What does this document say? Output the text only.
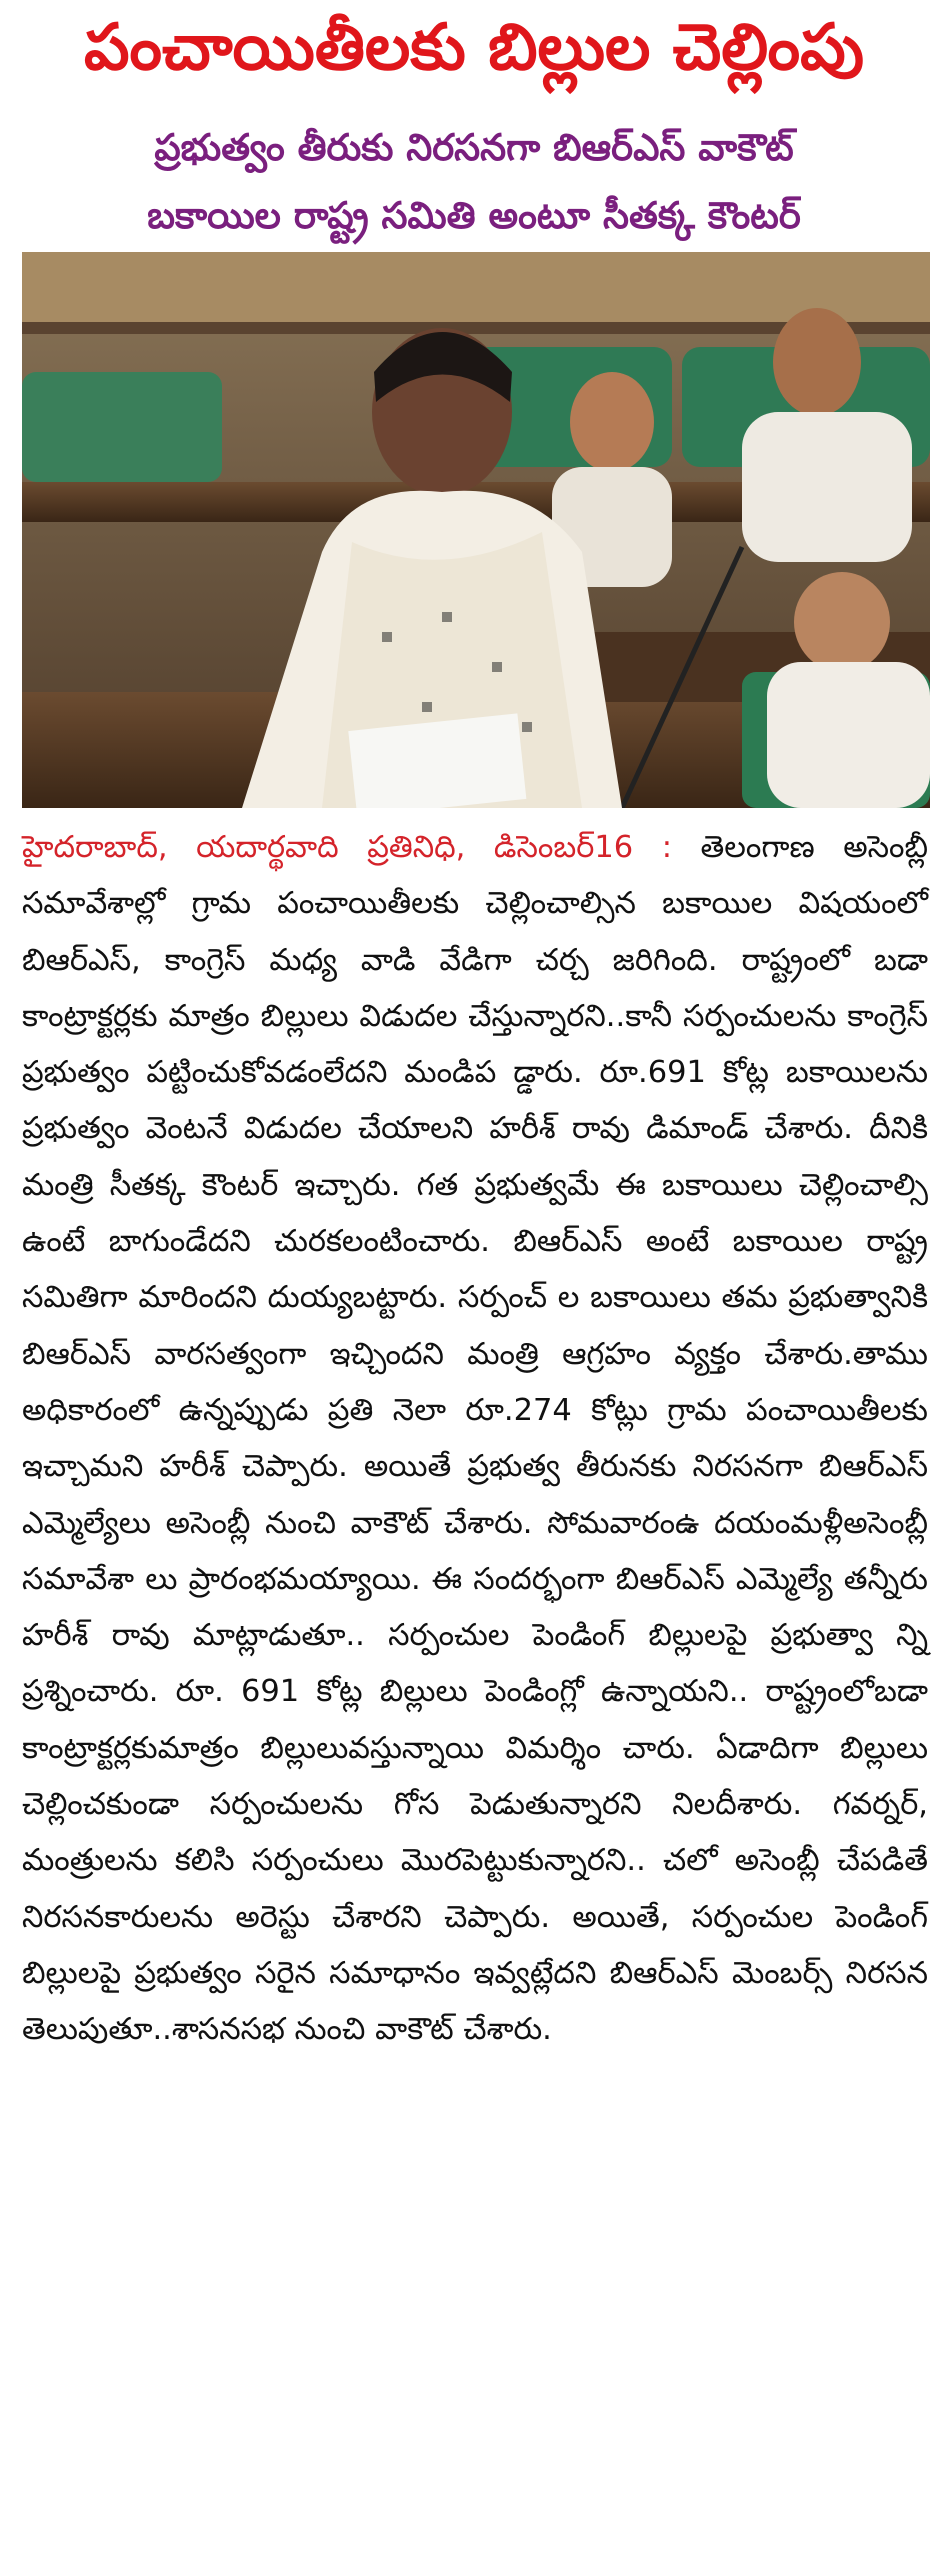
పంచాయితీలకు బిల్లుల చెల్లింపు
ప్రభుత్వం తీరుకు నిరసనగా బిఆర్ఎస్ వాకౌట్
బకాయిల రాష్ట్ర సమితి అంటూ సీతక్క కౌంటర్
హైదరాబాద్, యదార్థవాది ప్రతినిధి, డిసెంబర్16 : తెలంగాణ అసెంబ్లీ సమావేశాల్లో గ్రామ పంచాయితీలకు చెల్లించాల్సిన బకాయిల విషయంలో బిఆర్ఎస్, కాంగ్రెస్ మధ్య వాడి వేడిగా చర్చ జరిగింది. రాష్ట్రంలో బడా కాంట్రాక్టర్లకు మాత్రం బిల్లులు విడుదల చేస్తున్నారని..కానీ సర్పంచులను కాంగ్రెస్ ప్రభుత్వం పట్టించుకోవడంలేదని మండిప డ్డారు. రూ.691 కోట్ల బకాయిలను ప్రభుత్వం వెంటనే విడుదల చేయాలని హరీశ్ రావు డిమాండ్ చేశారు. దీనికి మంత్రి సీతక్క కౌంటర్ ఇచ్చారు. గత ప్రభుత్వమే ఈ బకాయిలు చెల్లించాల్సి ఉంటే బాగుండేదని చురకలంటించారు. బిఆర్ఎస్ అంటే బకాయిల రాష్ట్ర సమితిగా మారిందని దుయ్యబట్టారు. సర్పంచ్ ల బకాయిలు తమ ప్రభుత్వానికి బిఆర్ఎస్ వారసత్వంగా ఇచ్చిందని మంత్రి ఆగ్రహం వ్యక్తం చేశారు.తాము అధికారంలో ఉన్నప్పుడు ప్రతి నెలా రూ.274 కోట్లు గ్రామ పంచాయితీలకు ఇచ్చామని హరీశ్ చెప్పారు. అయితే ప్రభుత్వ తీరునకు నిరసనగా బిఆర్ఎస్ ఎమ్మెల్యేలు అసెంబ్లీ నుంచి వాకౌట్ చేశారు. సోమవారంఉ దయంమళ్లీఅసెంబ్లీ సమావేశా లు ప్రారంభమయ్యాయి. ఈ సందర్భంగా బిఆర్ఎస్ ఎమ్మెల్యే తన్నీరు హరీశ్ రావు మాట్లాడుతూ.. సర్పంచుల పెండింగ్ బిల్లులపై ప్రభుత్వా న్ని ప్రశ్నించారు. రూ. 691 కోట్ల బిల్లులు పెండింగ్లో ఉన్నాయని.. రాష్ట్రంలోబడా కాంట్రాక్టర్లకుమాత్రం బిల్లులువస్తున్నాయి విమర్శిం చారు. ఏడాదిగా బిల్లులు చెల్లించకుండా సర్పంచులను గోస పెడుతున్నారని నిలదీశారు. గవర్నర్, మంత్రులను కలిసి సర్పంచులు మొరపెట్టుకున్నారని.. చలో అసెంబ్లీ చేపడితే నిరసనకారులను అరెస్టు చేశారని చెప్పారు. అయితే, సర్పంచుల పెండింగ్ బిల్లులపై ప్రభుత్వం సరైన సమాధానం ఇవ్వట్లేదని బిఆర్ఎస్ మెంబర్స్ నిరసన తెలుపుతూ..శాసనసభ నుంచి వాకౌట్ చేశారు.
